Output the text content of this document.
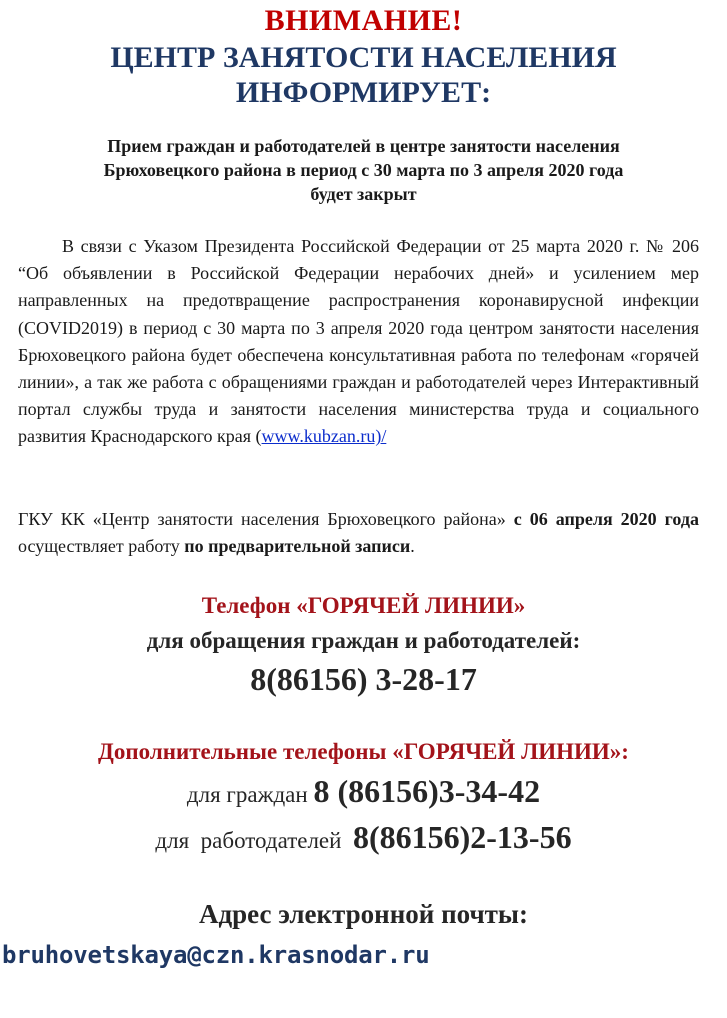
ВНИМАНИЕ!
ЦЕНТР ЗАНЯТОСТИ НАСЕЛЕНИЯ
ИНФОРМИРУЕТ:
Прием граждан и работодателей в центре занятости населения
Брюховецкого района в период с 30 марта по 3 апреля 2020 года
будет закрыт
В связи с Указом Президента Российской Федерации от 25 марта 2020 г. № 206 “Об объявлении в Российской Федерации нерабочих дней» и усилением мер направленных на предотвращение распространения коронавирусной инфекции (COVID2019) в период с 30 марта по 3 апреля 2020 года центром занятости населения Брюховецкого района будет обеспечена консультативная работа по телефонам «горячей линии», а так же работа с обращениями граждан и работодателей через Интерактивный портал службы труда и занятости населения министерства труда и социального развития Краснодарского края (www.kubzan.ru)/
ГКУ КК «Центр занятости населения Брюховецкого района» с 06 апреля 2020 года осуществляет работу по предварительной записи.
Телефон «ГОРЯЧЕЙ ЛИНИИ»
для обращения граждан и работодателей:
8(86156) 3-28-17
Дополнительные телефоны «ГОРЯЧЕЙ ЛИНИИ»:
для граждан 8 (86156)3-34-42
для  работодателей  8(86156)2-13-56
Адрес электронной почты:
bruhovetskaya@czn.krasnodar.ru
